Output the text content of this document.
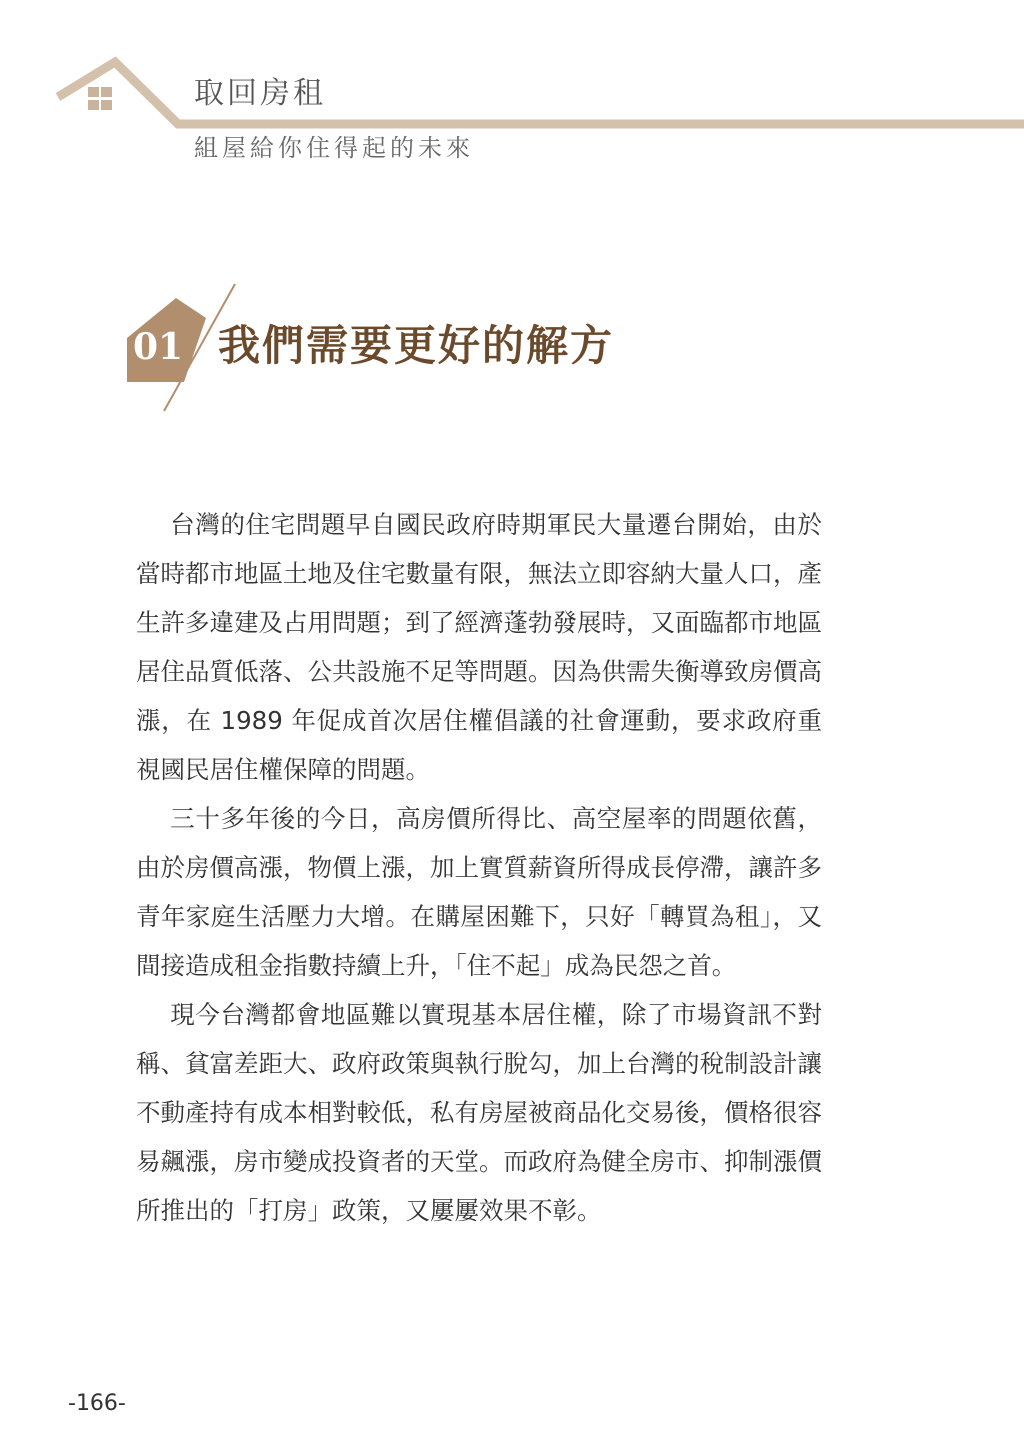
取回房租
組屋給你住得起的未來
01 我們需要更好的解方

台灣的住宅問題早自國民政府時期軍民大量遷台開始，由於當時都市地區土地及住宅數量有限，無法立即容納大量人口，產生許多違建及占用問題；到了經濟蓬勃發展時，又面臨都市地區居住品質低落、公共設施不足等問題。因為供需失衡導致房價高漲，在 1989 年促成首次居住權倡議的社會運動，要求政府重視國民居住權保障的問題。

三十多年後的今日，高房價所得比、高空屋率的問題依舊，由於房價高漲，物價上漲，加上實質薪資所得成長停滯，讓許多青年家庭生活壓力大增。在購屋困難下，只好「轉買為租」，又間接造成租金指數持續上升，「住不起」成為民怨之首。

現今台灣都會地區難以實現基本居住權，除了市場資訊不對稱、貧富差距大、政府政策與執行脫勾，加上台灣的稅制設計讓不動產持有成本相對較低，私有房屋被商品化交易後，價格很容易飆漲，房市變成投資者的天堂。而政府為健全房市、抑制漲價所推出的「打房」政策，又屢屢效果不彰。

-166-
